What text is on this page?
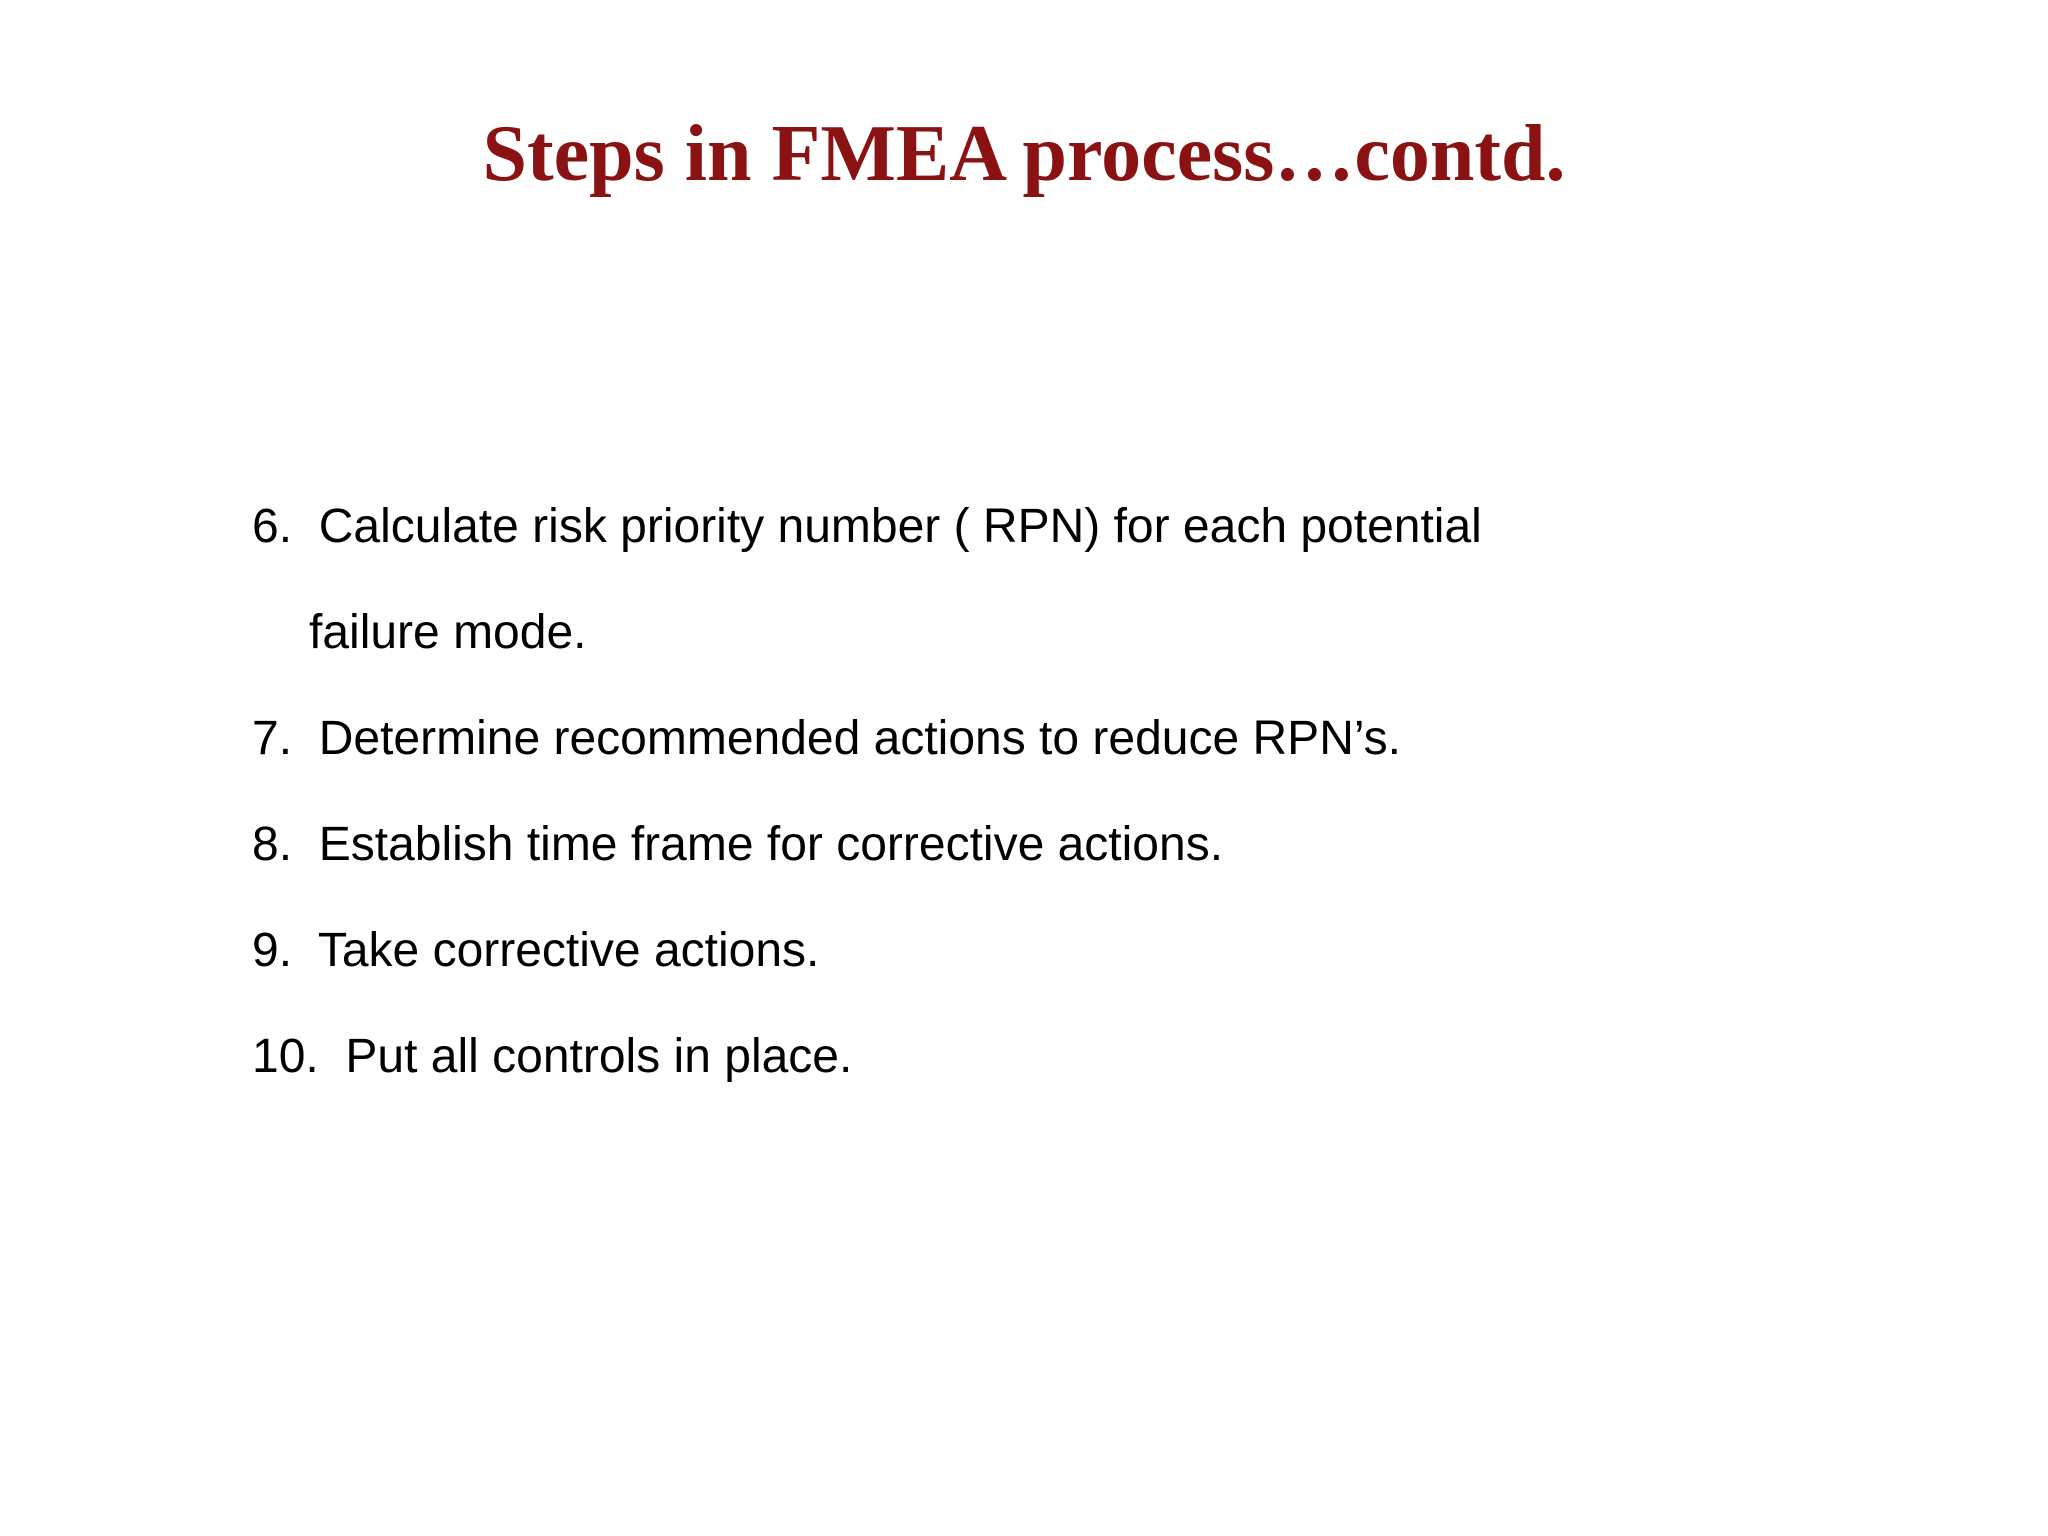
Steps in FMEA process…contd.
6.  Calculate risk priority number ( RPN) for each potential
failure mode.
7.  Determine recommended actions to reduce RPN’s.
8.  Establish time frame for corrective actions.
9.  Take corrective actions.
10.  Put all controls in place.
